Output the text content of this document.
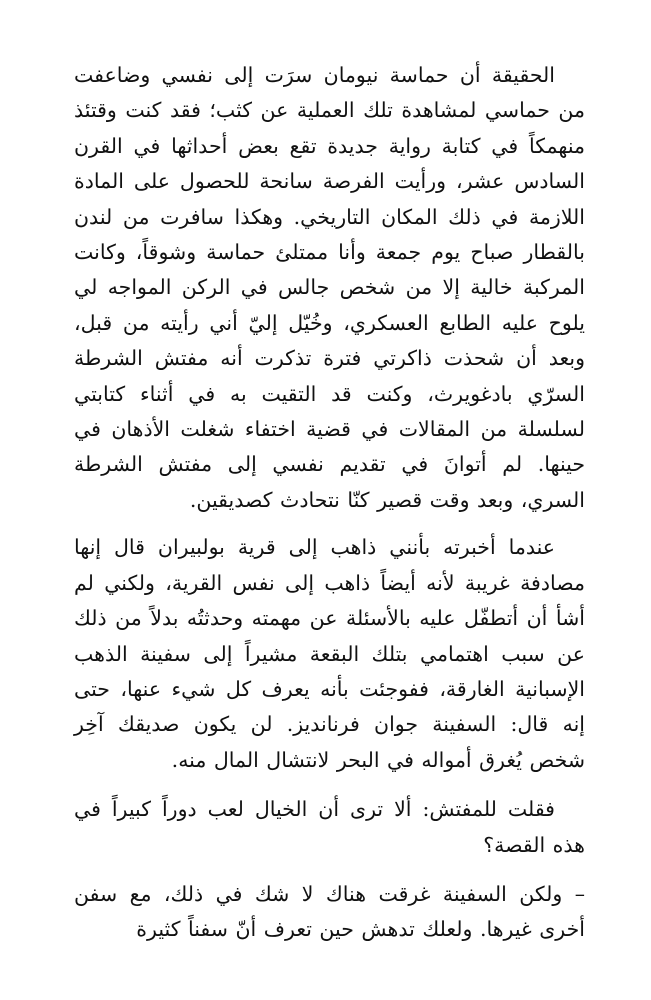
الحقيقة أن حماسة نيومان سرَت إلى نفسي وضاعفت من حماسي لمشاهدة تلك العملية عن كثب؛ فقد كنت وقتئذ منهمكاً في كتابة رواية جديدة تقع بعض أحداثها في القرن السادس عشر، ورأيت الفرصة سانحة للحصول على المادة اللازمة في ذلك المكان التاريخي. وهكذا سافرت من لندن بالقطار صباح يوم جمعة وأنا ممتلئ حماسة وشوقاً، وكانت المركبة خالية إلا من شخص جالس في الركن المواجه لي يلوح عليه الطابع العسكري، وخُيّل إليّ أني رأيته من قبل، وبعد أن شحذت ذاكرتي فترة تذكرت أنه مفتش الشرطة السرّي بادغويرث، وكنت قد التقيت به في أثناء كتابتي لسلسلة من المقالات في قضية اختفاء شغلت الأذهان في حينها. لم أتوانَ في تقديم نفسي إلى مفتش الشرطة السري، وبعد وقت قصير كنّا نتحادث كصديقين.

عندما أخبرته بأنني ذاهب إلى قرية بولبيران قال إنها مصادفة غريبة لأنه أيضاً ذاهب إلى نفس القرية، ولكني لم أشأ أن أتطفّل عليه بالأسئلة عن مهمته وحدثتُه بدلاً من ذلك عن سبب اهتمامي بتلك البقعة مشيراً إلى سفينة الذهب الإسبانية الغارقة، ففوجئت بأنه يعرف كل شيء عنها، حتى إنه قال: السفينة جوان فرنانديز. لن يكون صديقك آخِر شخص يُغرق أمواله في البحر لانتشال المال منه.

فقلت للمفتش: ألا ترى أن الخيال لعب دوراً كبيراً في هذه القصة؟

– ولكن السفينة غرقت هناك لا شك في ذلك، مع سفن أخرى غيرها. ولعلك تدهش حين تعرف أنّ سفناً كثيرة
